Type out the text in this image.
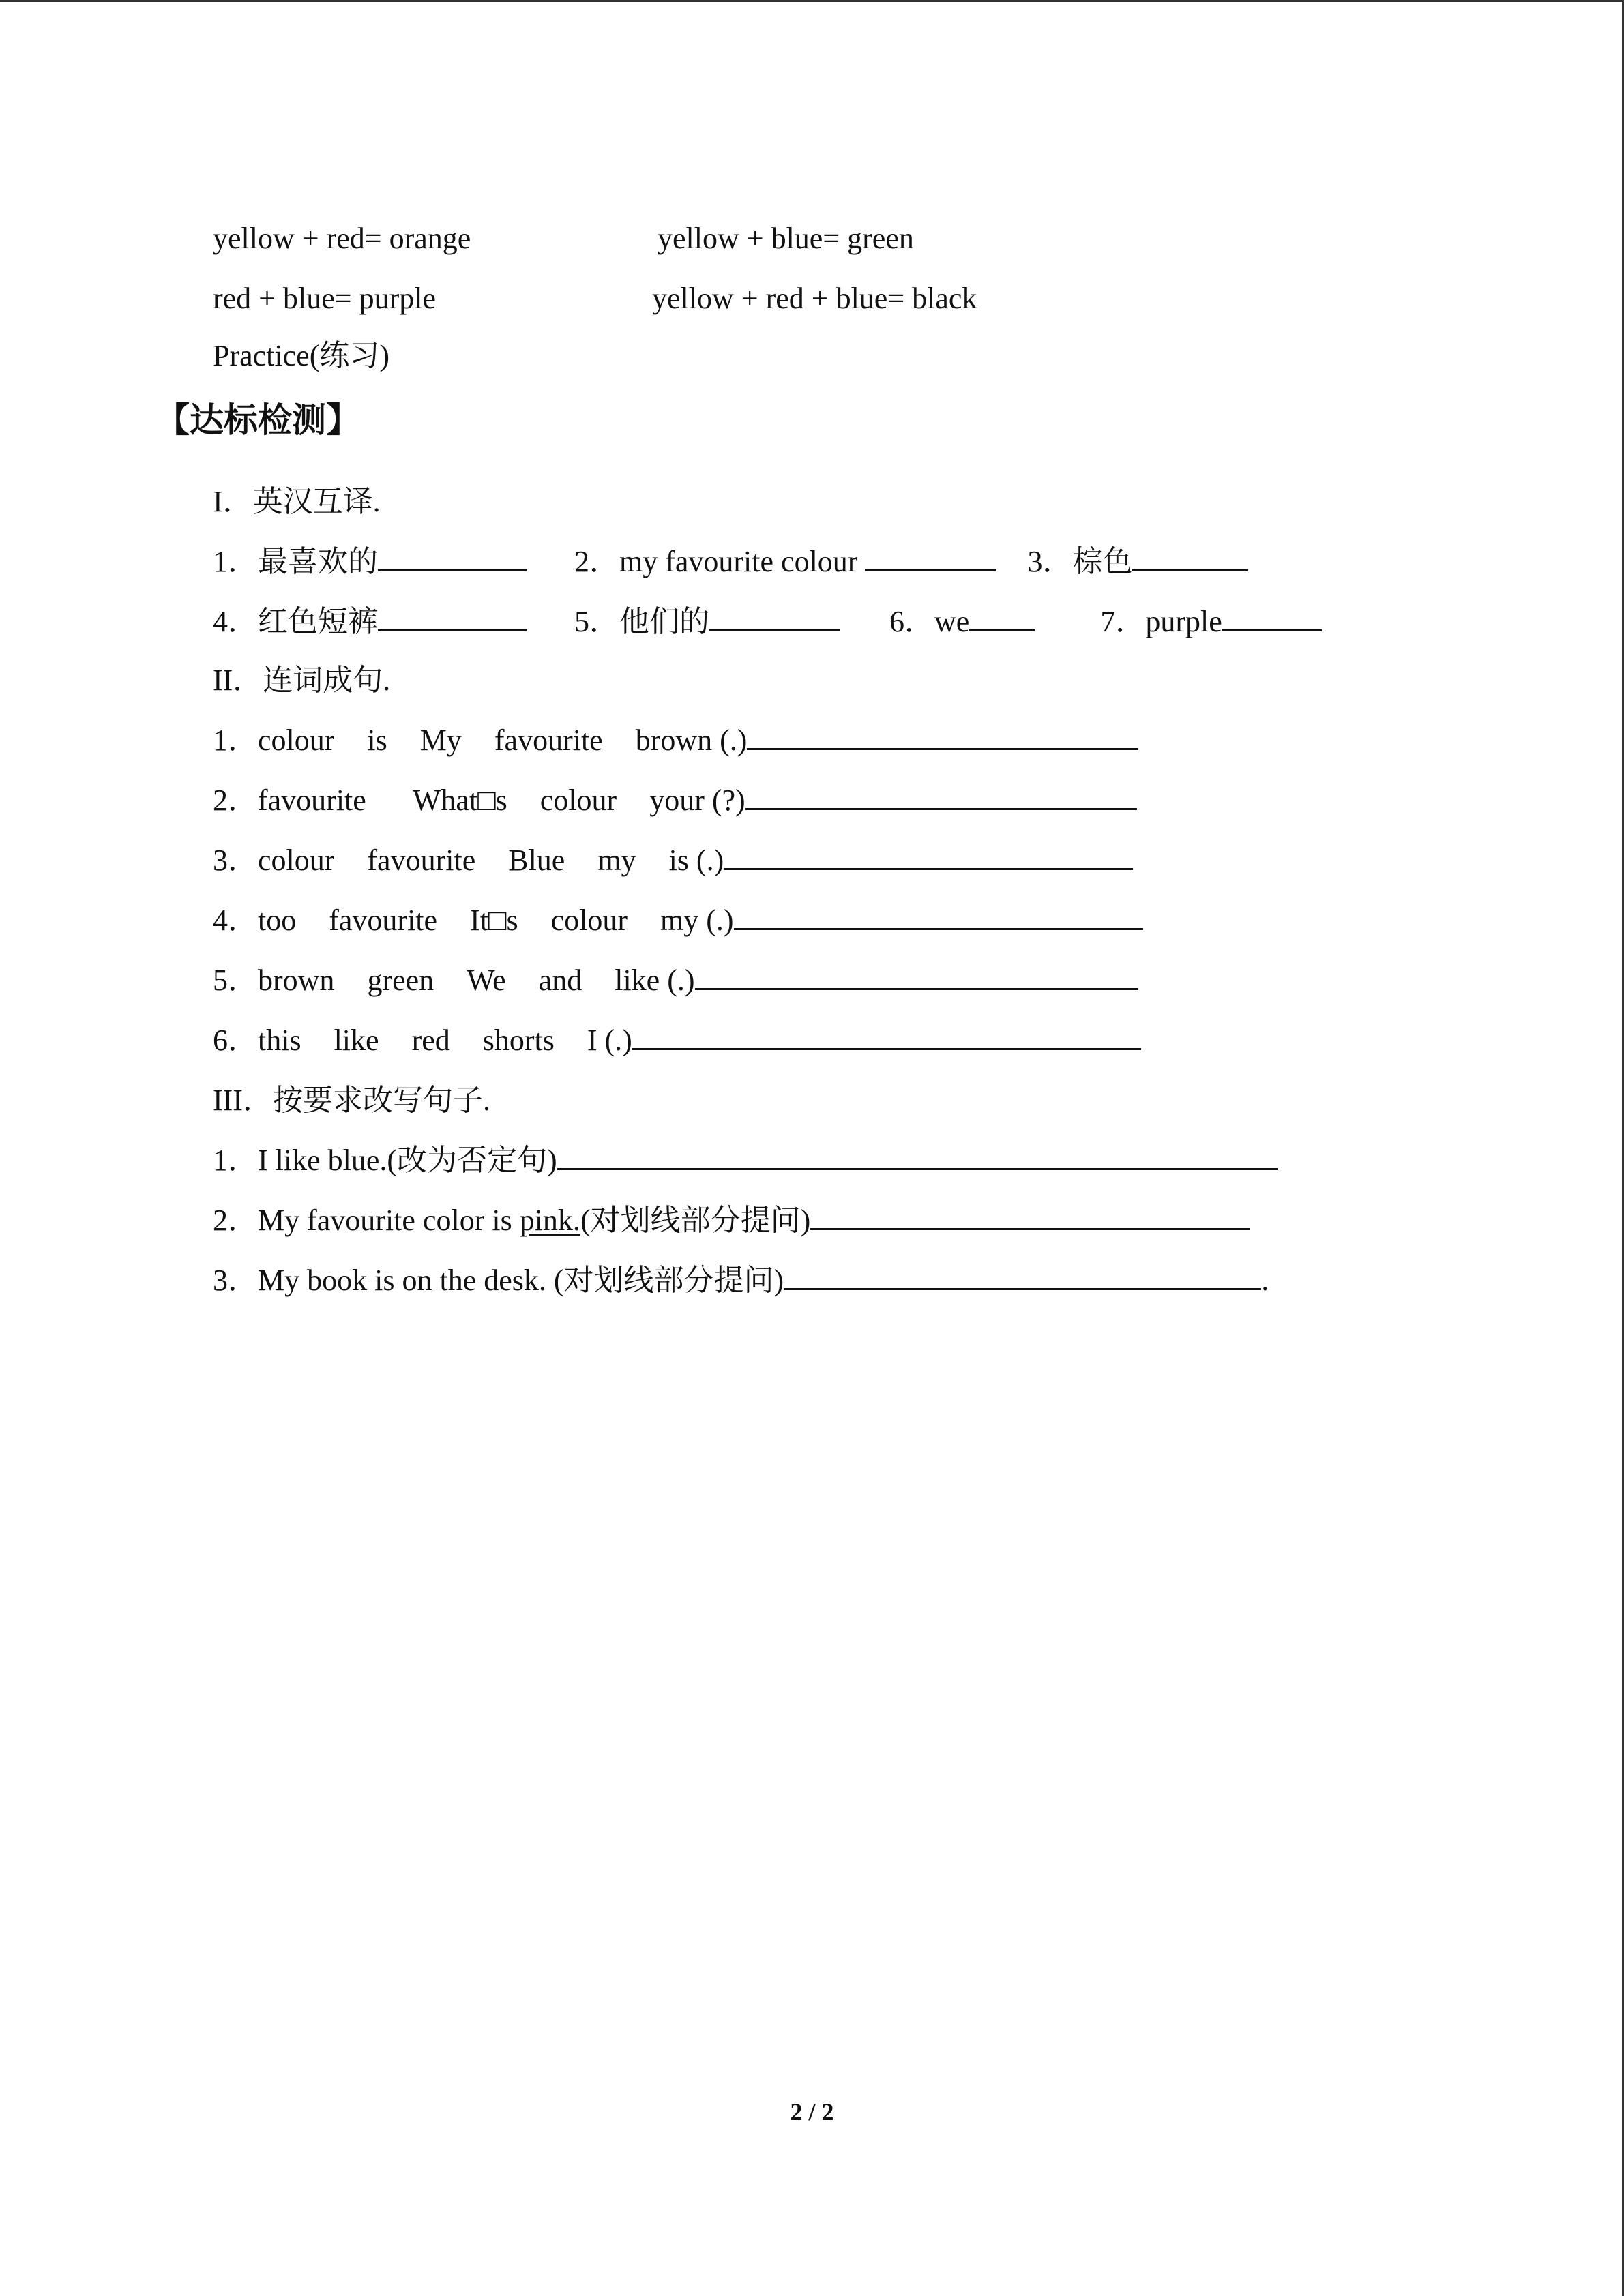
yellow + red= orange	yellow + blue= green
red + blue= purple	yellow + red + blue= black
Practice(练习)
【达标检测】
I．英汉互译.
1．最喜欢的	2．my favourite colour	3．棕色
4．红色短裤	5．他们的	6．we	7．purple
II．连词成句.
1．colour is My favourite brown (.)
2．favourite What□s colour your (?)
3．colour favourite Blue my is (.)
4．too favourite It□s colour my (.)
5．brown green We and like (.)
6．this like red shorts I (.)
III．按要求改写句子.
1．I like blue.(改为否定句)
2．My favourite color is pink.(对划线部分提问)
3．My book is on the desk. (对划线部分提问)	.
2 / 2
